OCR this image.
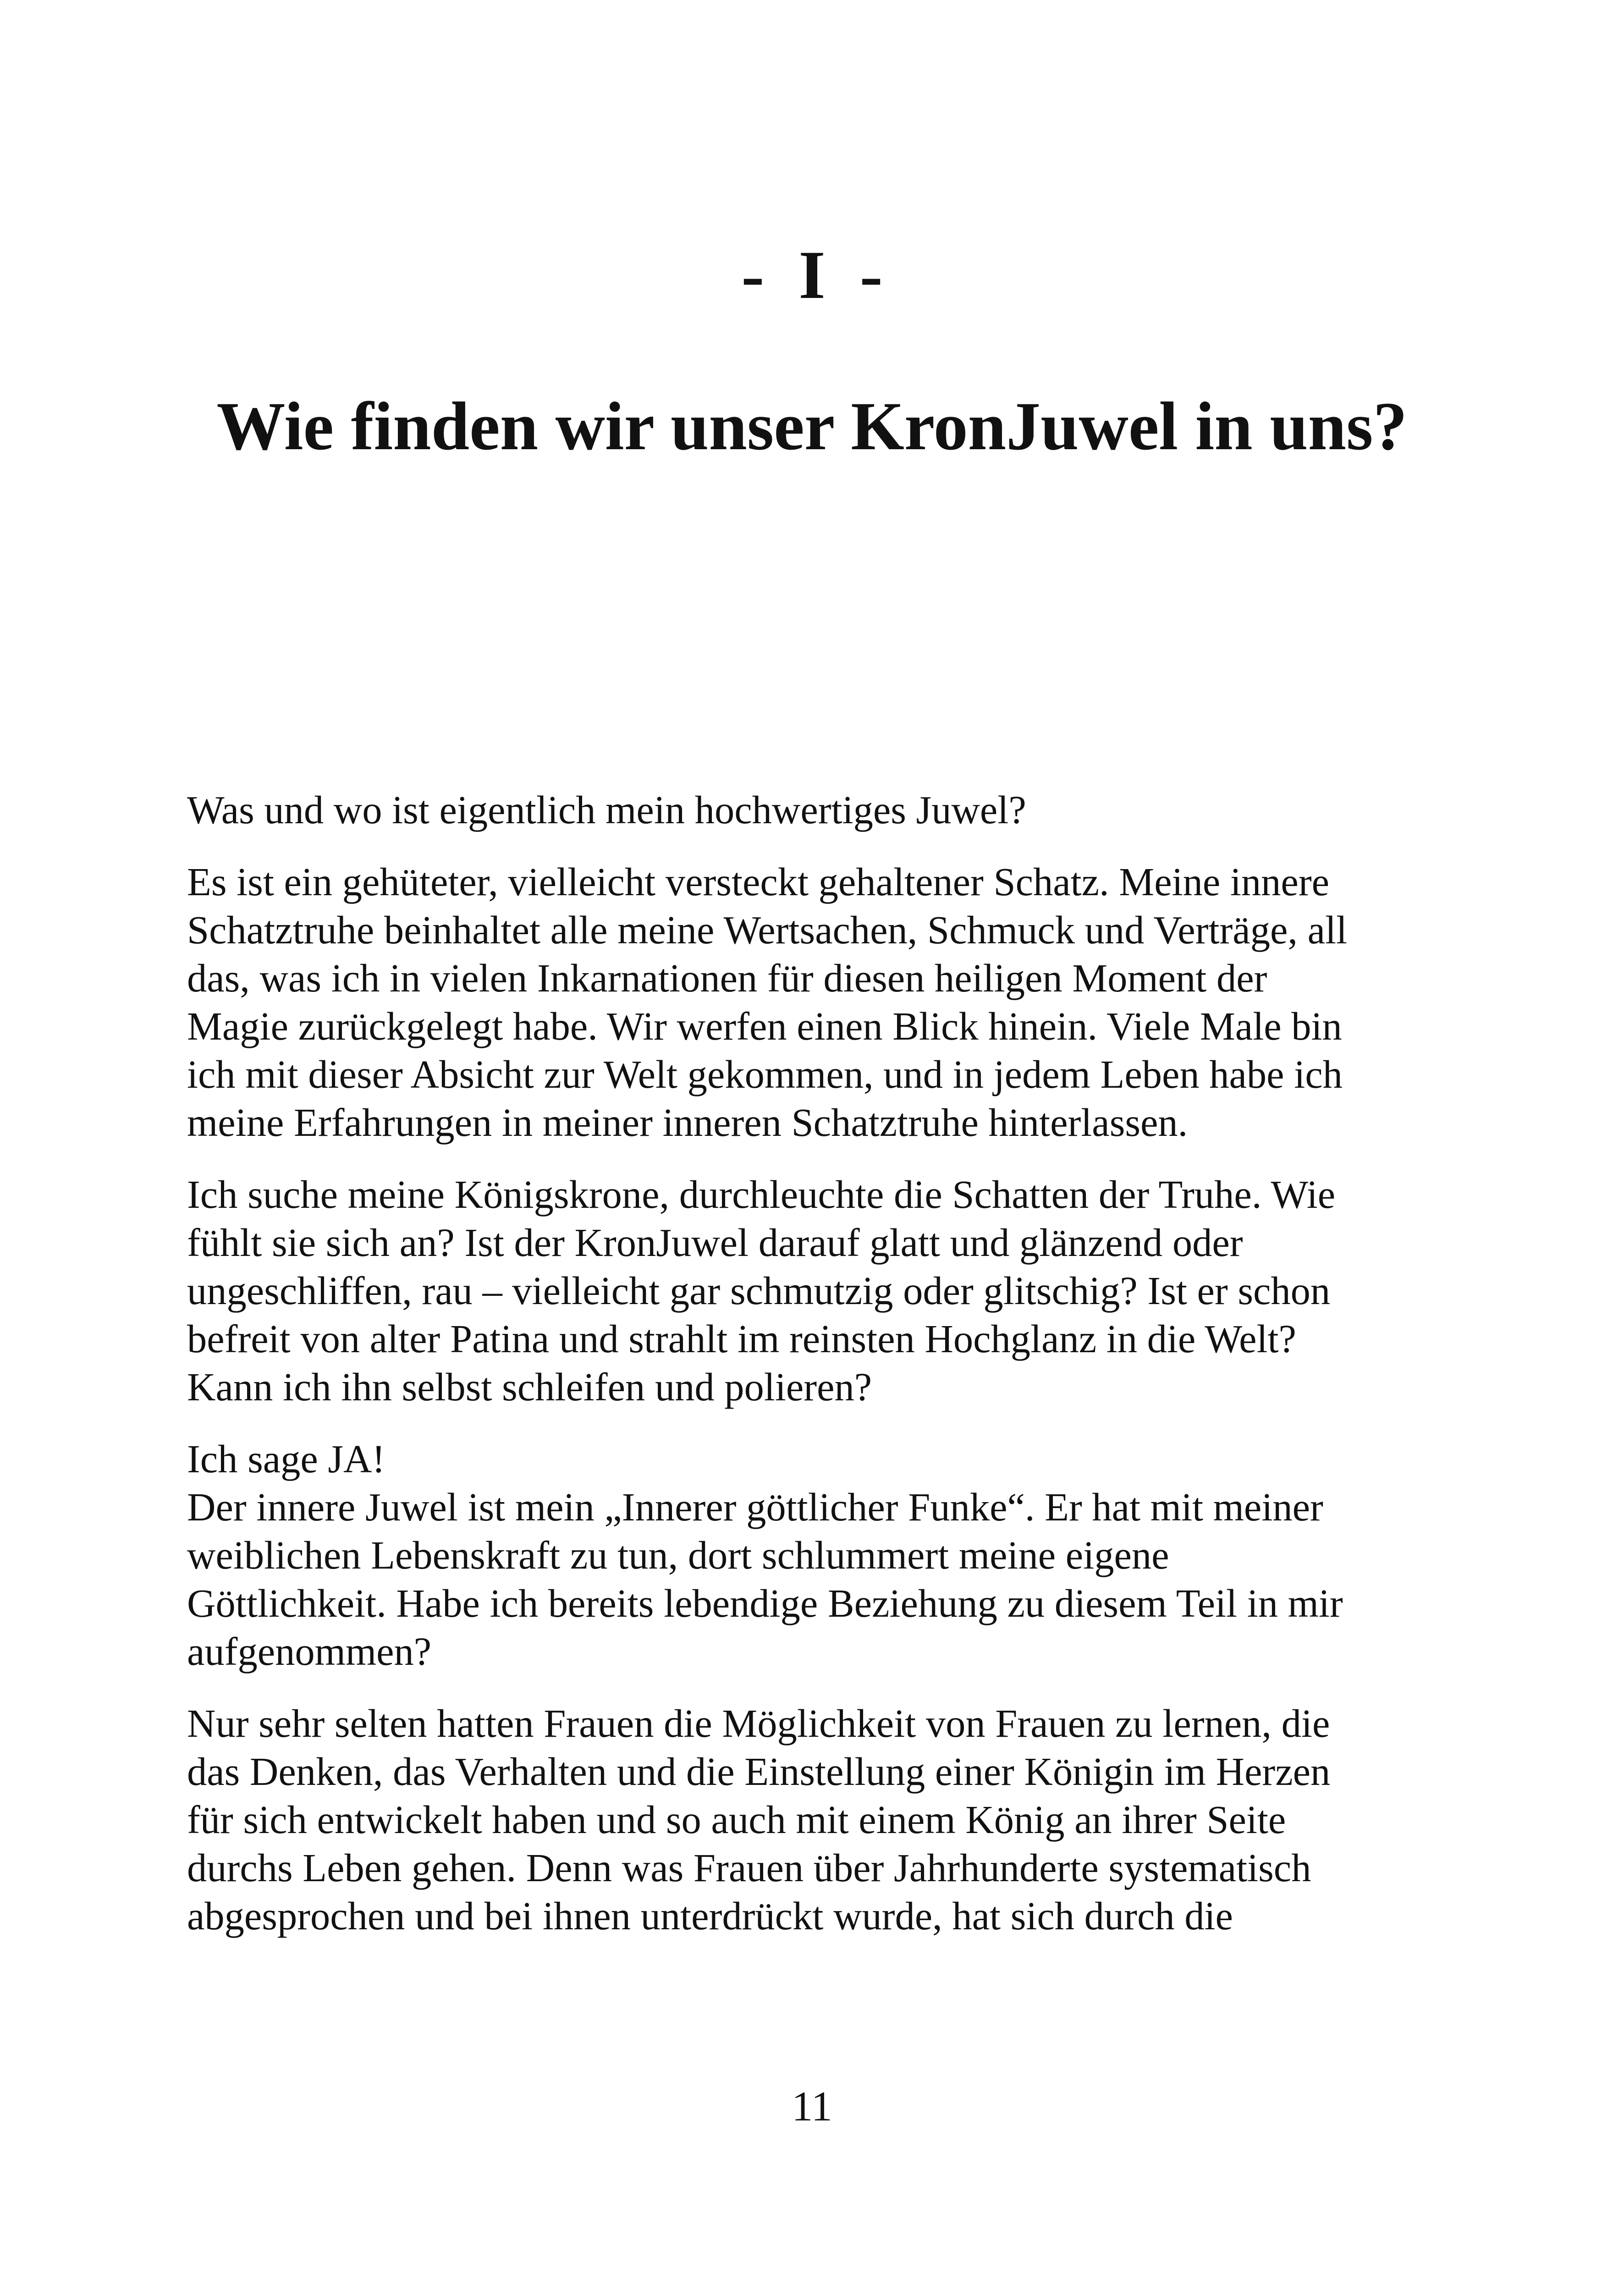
-  I  -
Wie finden wir unser KronJuwel in uns?

Was und wo ist eigentlich mein hochwertiges Juwel?

Es ist ein gehüteter, vielleicht versteckt gehaltener Schatz. Meine innere
Schatztruhe beinhaltet alle meine Wertsachen, Schmuck und Verträge, all
das, was ich in vielen Inkarnationen für diesen heiligen Moment der
Magie zurückgelegt habe. Wir werfen einen Blick hinein. Viele Male bin
ich mit dieser Absicht zur Welt gekommen, und in jedem Leben habe ich
meine Erfahrungen in meiner inneren Schatztruhe hinterlassen.

Ich suche meine Königskrone, durchleuchte die Schatten der Truhe. Wie
fühlt sie sich an? Ist der KronJuwel darauf glatt und glänzend oder
ungeschliffen, rau – vielleicht gar schmutzig oder glitschig? Ist er schon
befreit von alter Patina und strahlt im reinsten Hochglanz in die Welt?
Kann ich ihn selbst schleifen und polieren?

Ich sage JA!
Der innere Juwel ist mein „Innerer göttlicher Funke“. Er hat mit meiner
weiblichen Lebenskraft zu tun, dort schlummert meine eigene
Göttlichkeit. Habe ich bereits lebendige Beziehung zu diesem Teil in mir
aufgenommen?

Nur sehr selten hatten Frauen die Möglichkeit von Frauen zu lernen, die
das Denken, das Verhalten und die Einstellung einer Königin im Herzen
für sich entwickelt haben und so auch mit einem König an ihrer Seite
durchs Leben gehen. Denn was Frauen über Jahrhunderte systematisch
abgesprochen und bei ihnen unterdrückt wurde, hat sich durch die

11
